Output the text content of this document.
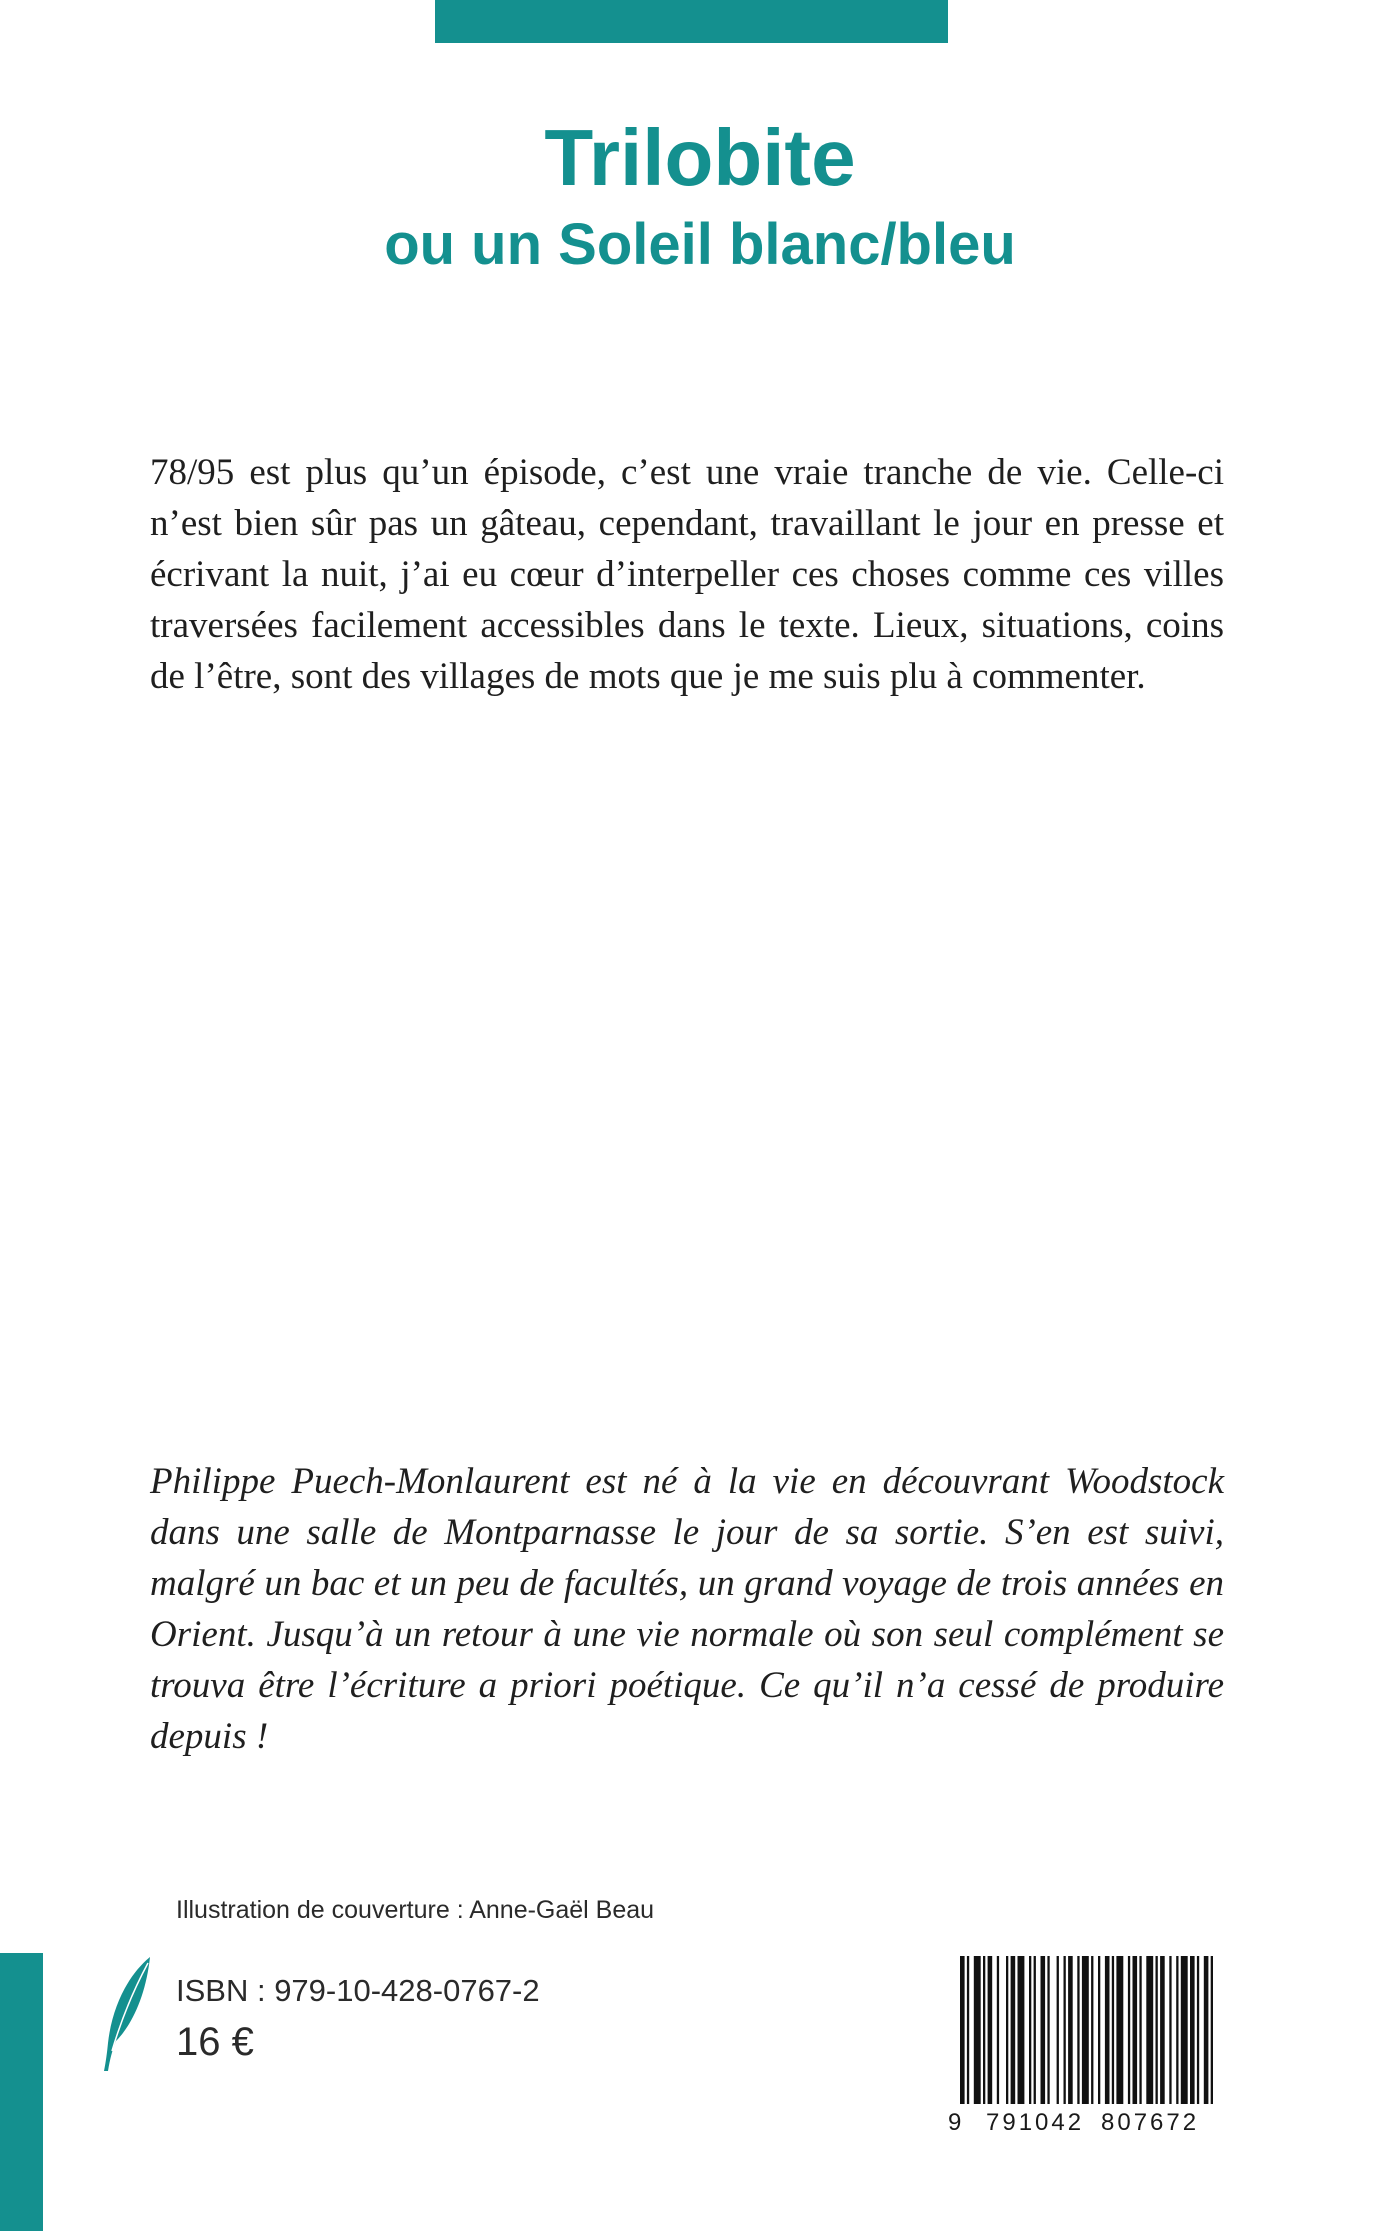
Trilobite
ou un Soleil blanc/bleu

78/95 est plus qu’un épisode, c’est une vraie tranche de vie. Celle-ci n’est bien sûr pas un gâteau, cependant, travaillant le jour en presse et écrivant la nuit, j’ai eu cœur d’interpeller ces choses comme ces villes traversées facilement accessibles dans le texte. Lieux, situations, coins de l’être, sont des villages de mots que je me suis plu à commenter.

Philippe Puech-Monlaurent est né à la vie en découvrant Woodstock dans une salle de Montparnasse le jour de sa sortie. S’en est suivi, malgré un bac et un peu de facultés, un grand voyage de trois années en Orient. Jusqu’à un retour à une vie normale où son seul complément se trouva être l’écriture a priori poétique. Ce qu’il n’a cessé de produire depuis !

Illustration de couverture : Anne-Gaël Beau
ISBN : 979-10-428-0767-2
16 €
9 791042 807672
